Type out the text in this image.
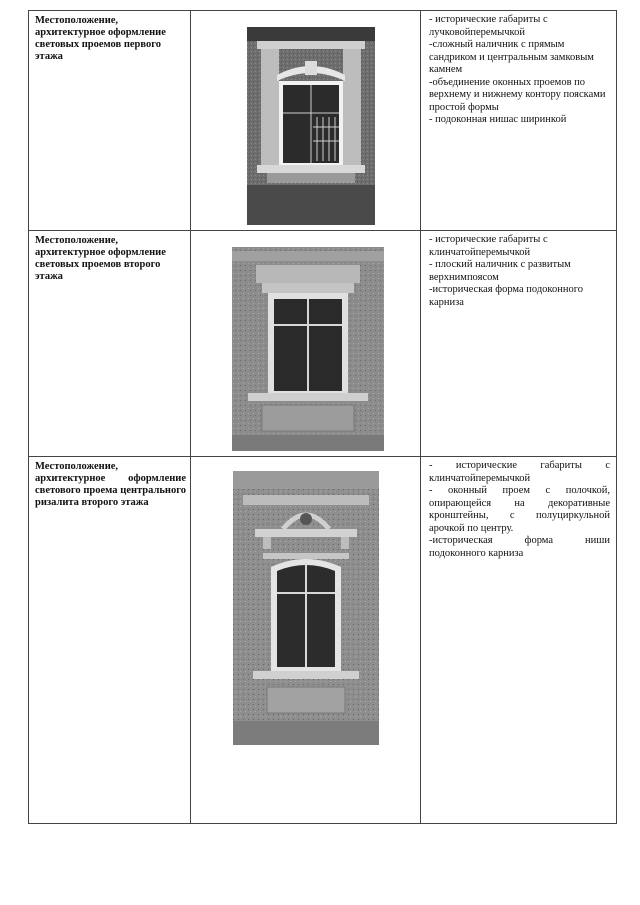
Местоположение, архитектурное оформление световых проемов первого этажа		- исторические габариты с лучковойперемычкой

-сложный наличник с прямым сандриком и центральным замковым камнем

-объединение оконных проемов по верхнему и нижнему контору поясками простой формы

- подоконная нишас ширинкой

Местоположение, архитектурное оформление световых проемов второго этажа		- исторические габариты с клинчатойперемычкой

- плоский наличник с развитым верхнимпоясом

-историческая форма подоконного карниза

Местоположение, архитектурное оформление светового проема центрального ризалита второго этажа		- исторические габариты с клинчатойперемычкой

- оконный проем с полочкой, опирающейся на декоративные кронштейны, с полуциркульной арочкой по центру.

-историческая форма ниши подоконного карниза
